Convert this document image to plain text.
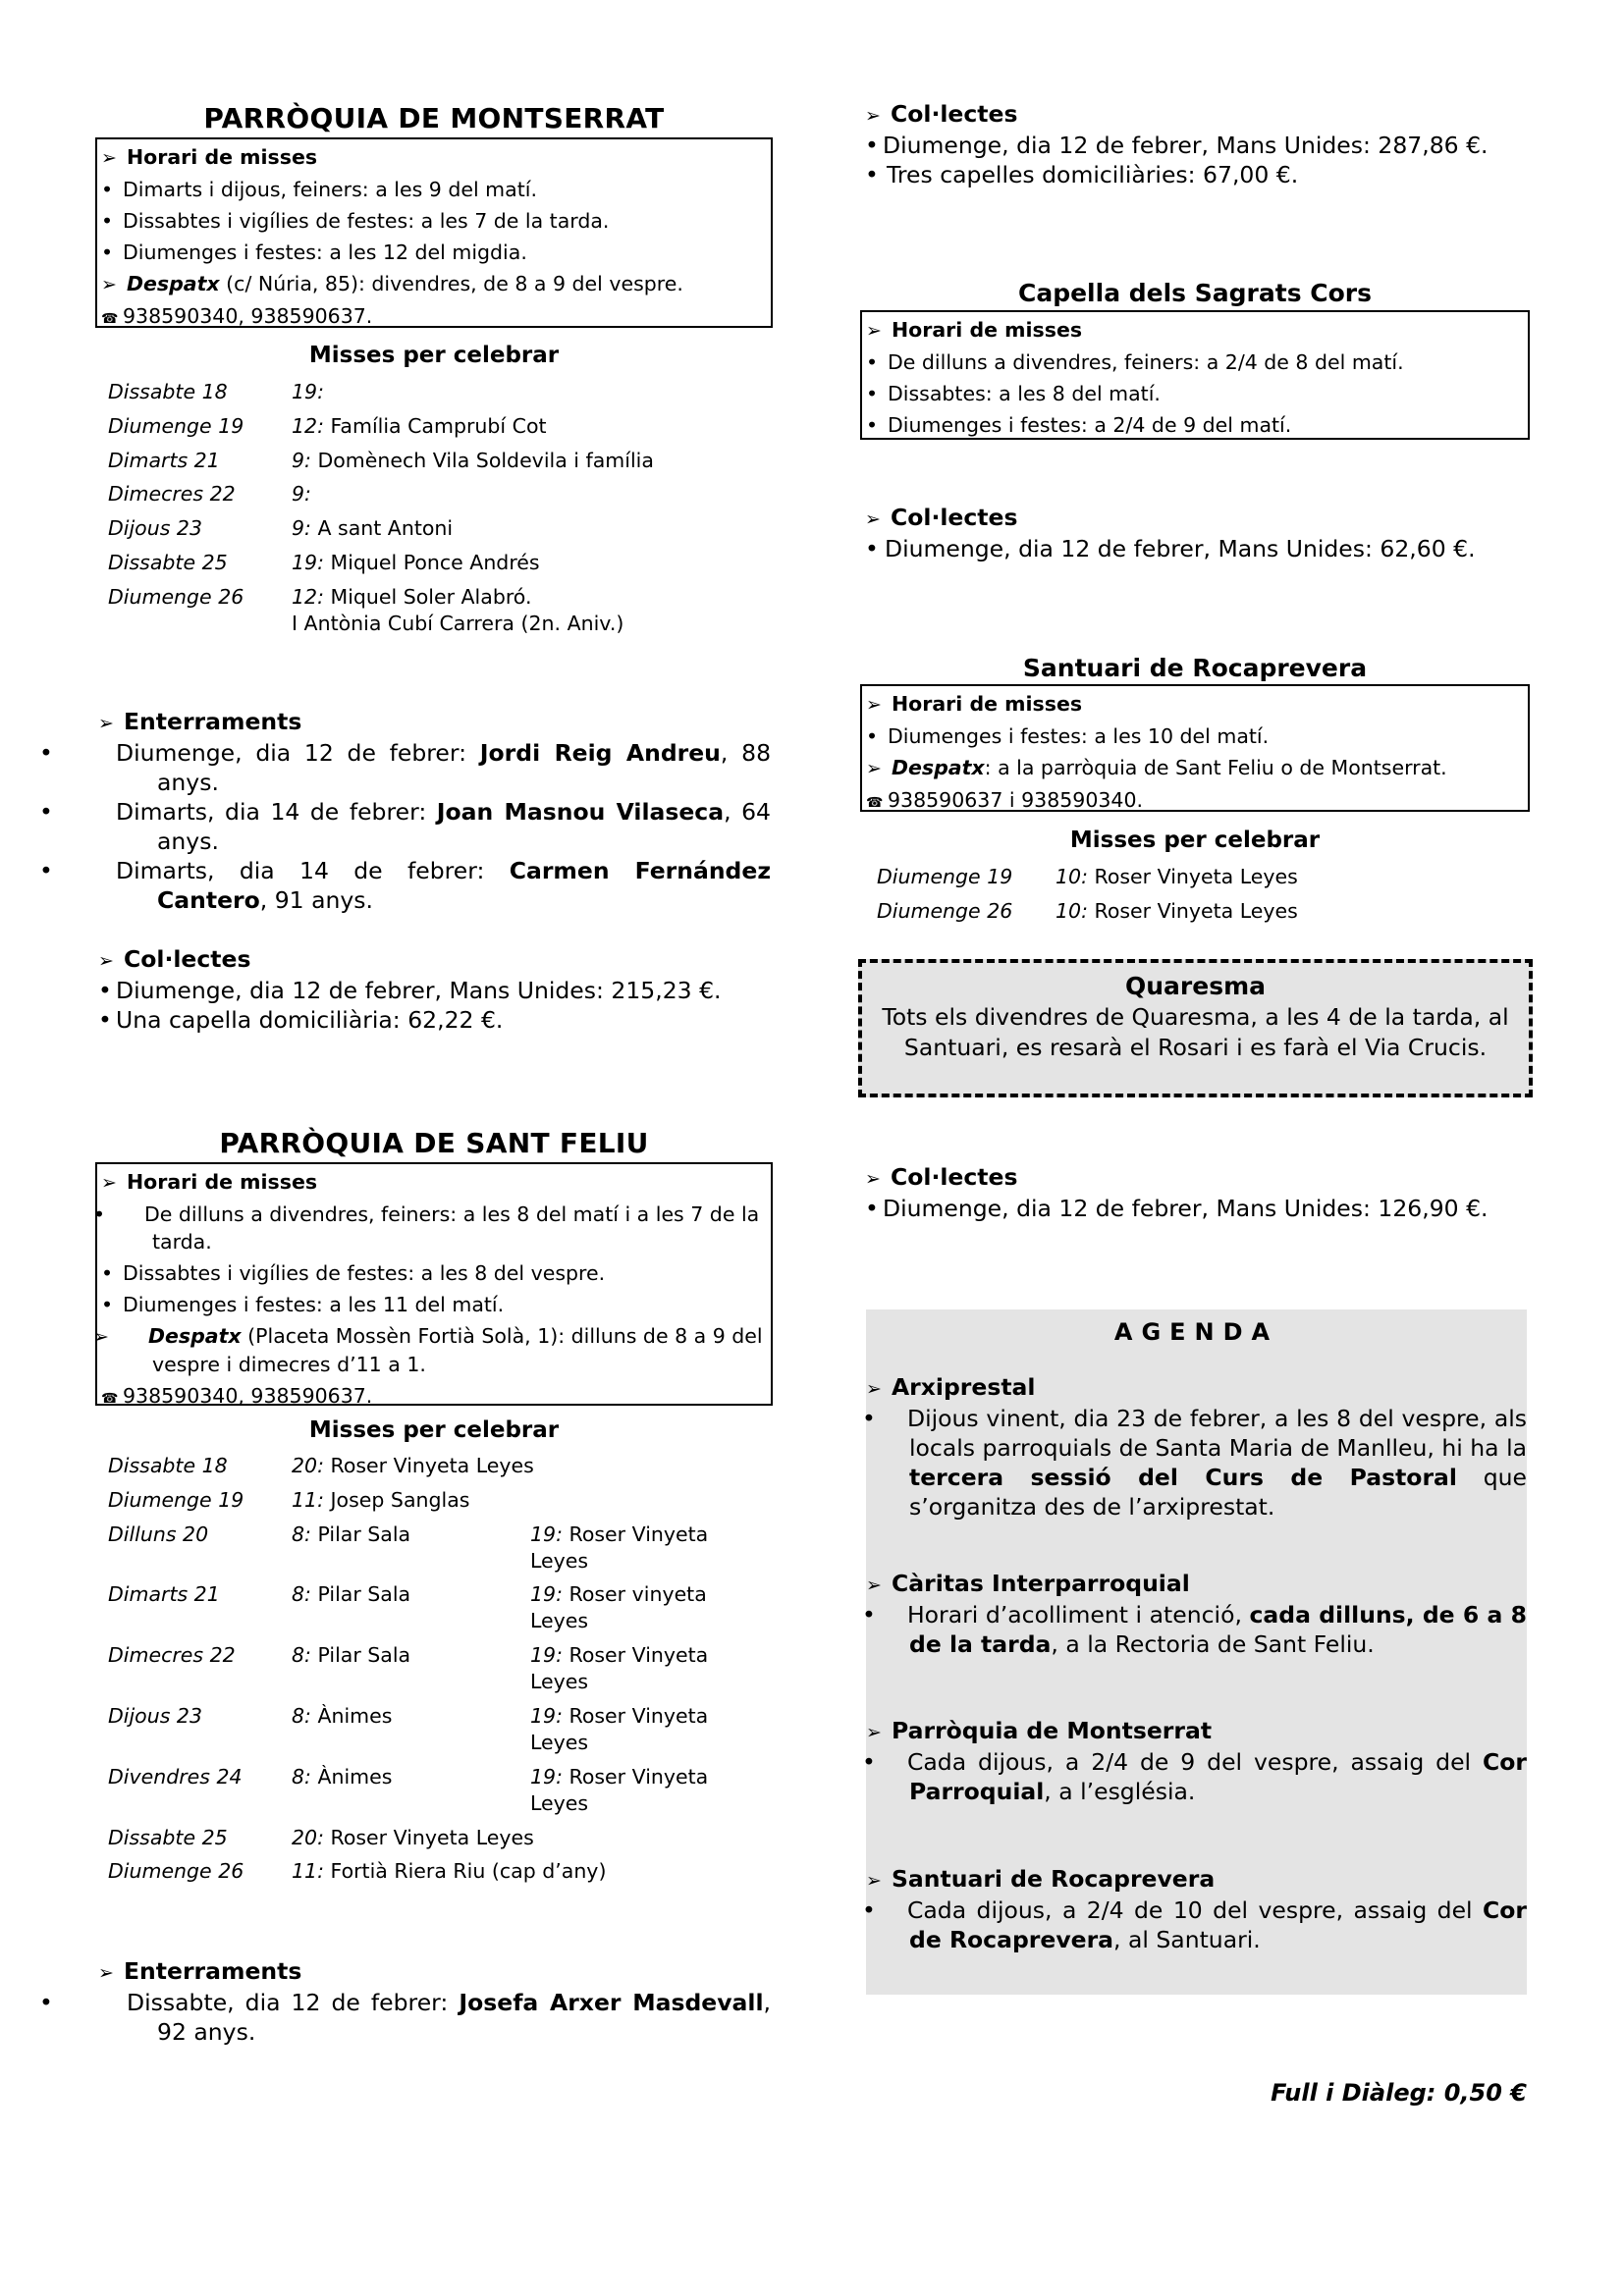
PARRÒQUIA DE MONTSERRAT
➢ Horari de misses
• Dimarts i dijous, feiners: a les 9 del matí.
• Dissabtes i vigílies de festes: a les 7 de la tarda.
• Diumenges i festes: a les 12 del migdia.
➢ Despatx (c/ Núria, 85): divendres, de 8 a 9 del vespre.
☎ 938590340, 938590637.
Misses per celebrar
Dissabte 18	19:
Diumenge 19 12: Família Camprubí Cot
Dimarts 21	9: Domènech Vila Soldevila i família
Dimecres 22	9:
Dijous 23	9: A sant Antoni
Dissabte 25	19: Miquel Ponce Andrés
Diumenge 26 12: Miquel Soler Alabró.
I Antònia Cubí Carrera (2n. Aniv.)
➢ Enterraments
•	Diumenge, dia 12 de febrer: Jordi Reig Andreu, 88 anys.
•	Dimarts, dia 14 de febrer: Joan Masnou Vilaseca, 64 anys.
•	Dimarts, dia 14 de febrer: Carmen Fernández Cantero, 91 anys.
➢ Col·lectes
• Diumenge, dia 12 de febrer, Mans Unides: 215,23 €.
• Una capella domiciliària: 62,22 €.
PARRÒQUIA DE SANT FELIU
➢ Horari de misses
• De dilluns a divendres, feiners: a les 8 del matí i a les 7 de la tarda.
• Dissabtes i vigílies de festes: a les 8 del vespre.
• Diumenges i festes: a les 11 del matí.
➢ Despatx (Placeta Mossèn Fortià Solà, 1): dilluns de 8 a 9 del vespre i dimecres d’11 a 1.
☎ 938590340, 938590637.
Misses per celebrar
Dissabte 18	20: Roser Vinyeta Leyes
Diumenge 19 11: Josep Sanglas
Dilluns 20	8: Pilar Sala	19: Roser Vinyeta Leyes
Dimarts 21	8: Pilar Sala	19: Roser vinyeta Leyes
Dimecres 22	8: Pilar Sala	19: Roser Vinyeta Leyes
Dijous 23	8: Ànimes	19: Roser Vinyeta Leyes
Divendres 24 8: Ànimes	19: Roser Vinyeta Leyes
Dissabte 25	20: Roser Vinyeta Leyes
Diumenge 26 11: Fortià Riera Riu (cap d’any)
➢ Enterraments
•	Dissabte, dia 12 de febrer: Josefa Arxer Masdevall, 92 anys.
➢ Col·lectes
• Diumenge, dia 12 de febrer, Mans Unides: 287,86 €.
• Tres capelles domiciliàries: 67,00 €.
Capella dels Sagrats Cors
➢ Horari de misses
• De dilluns a divendres, feiners: a 2/4 de 8 del matí.
• Dissabtes: a les 8 del matí.
• Diumenges i festes: a 2/4 de 9 del matí.
➢ Col·lectes
• Diumenge, dia 12 de febrer, Mans Unides: 62,60 €.
Santuari de Rocaprevera
➢ Horari de misses
• Diumenges i festes: a les 10 del matí.
➢ Despatx: a la parròquia de Sant Feliu o de Montserrat.
☎ 938590637 i 938590340.
Misses per celebrar
Diumenge 19 10: Roser Vinyeta Leyes
Diumenge 26 10: Roser Vinyeta Leyes
Quaresma
Tots els divendres de Quaresma, a les 4 de la tarda, al Santuari, es resarà el Rosari i es farà el Via Crucis.
➢ Col·lectes
• Diumenge, dia 12 de febrer, Mans Unides: 126,90 €.
AGENDA
➢ Arxiprestal
• Dijous vinent, dia 23 de febrer, a les 8 del vespre, als locals parroquials de Santa Maria de Manlleu, hi ha la tercera sessió del Curs de Pastoral que s’organitza des de l’arxiprestat.
➢ Càritas Interparroquial
• Horari d’acolliment i atenció, cada dilluns, de 6 a 8 de la tarda, a la Rectoria de Sant Feliu.
➢ Parròquia de Montserrat
• Cada dijous, a 2/4 de 9 del vespre, assaig del Cor Parroquial, a l’església.
➢ Santuari de Rocaprevera
• Cada dijous, a 2/4 de 10 del vespre, assaig del Cor de Rocaprevera, al Santuari.
Full i Diàleg: 0,50 €
